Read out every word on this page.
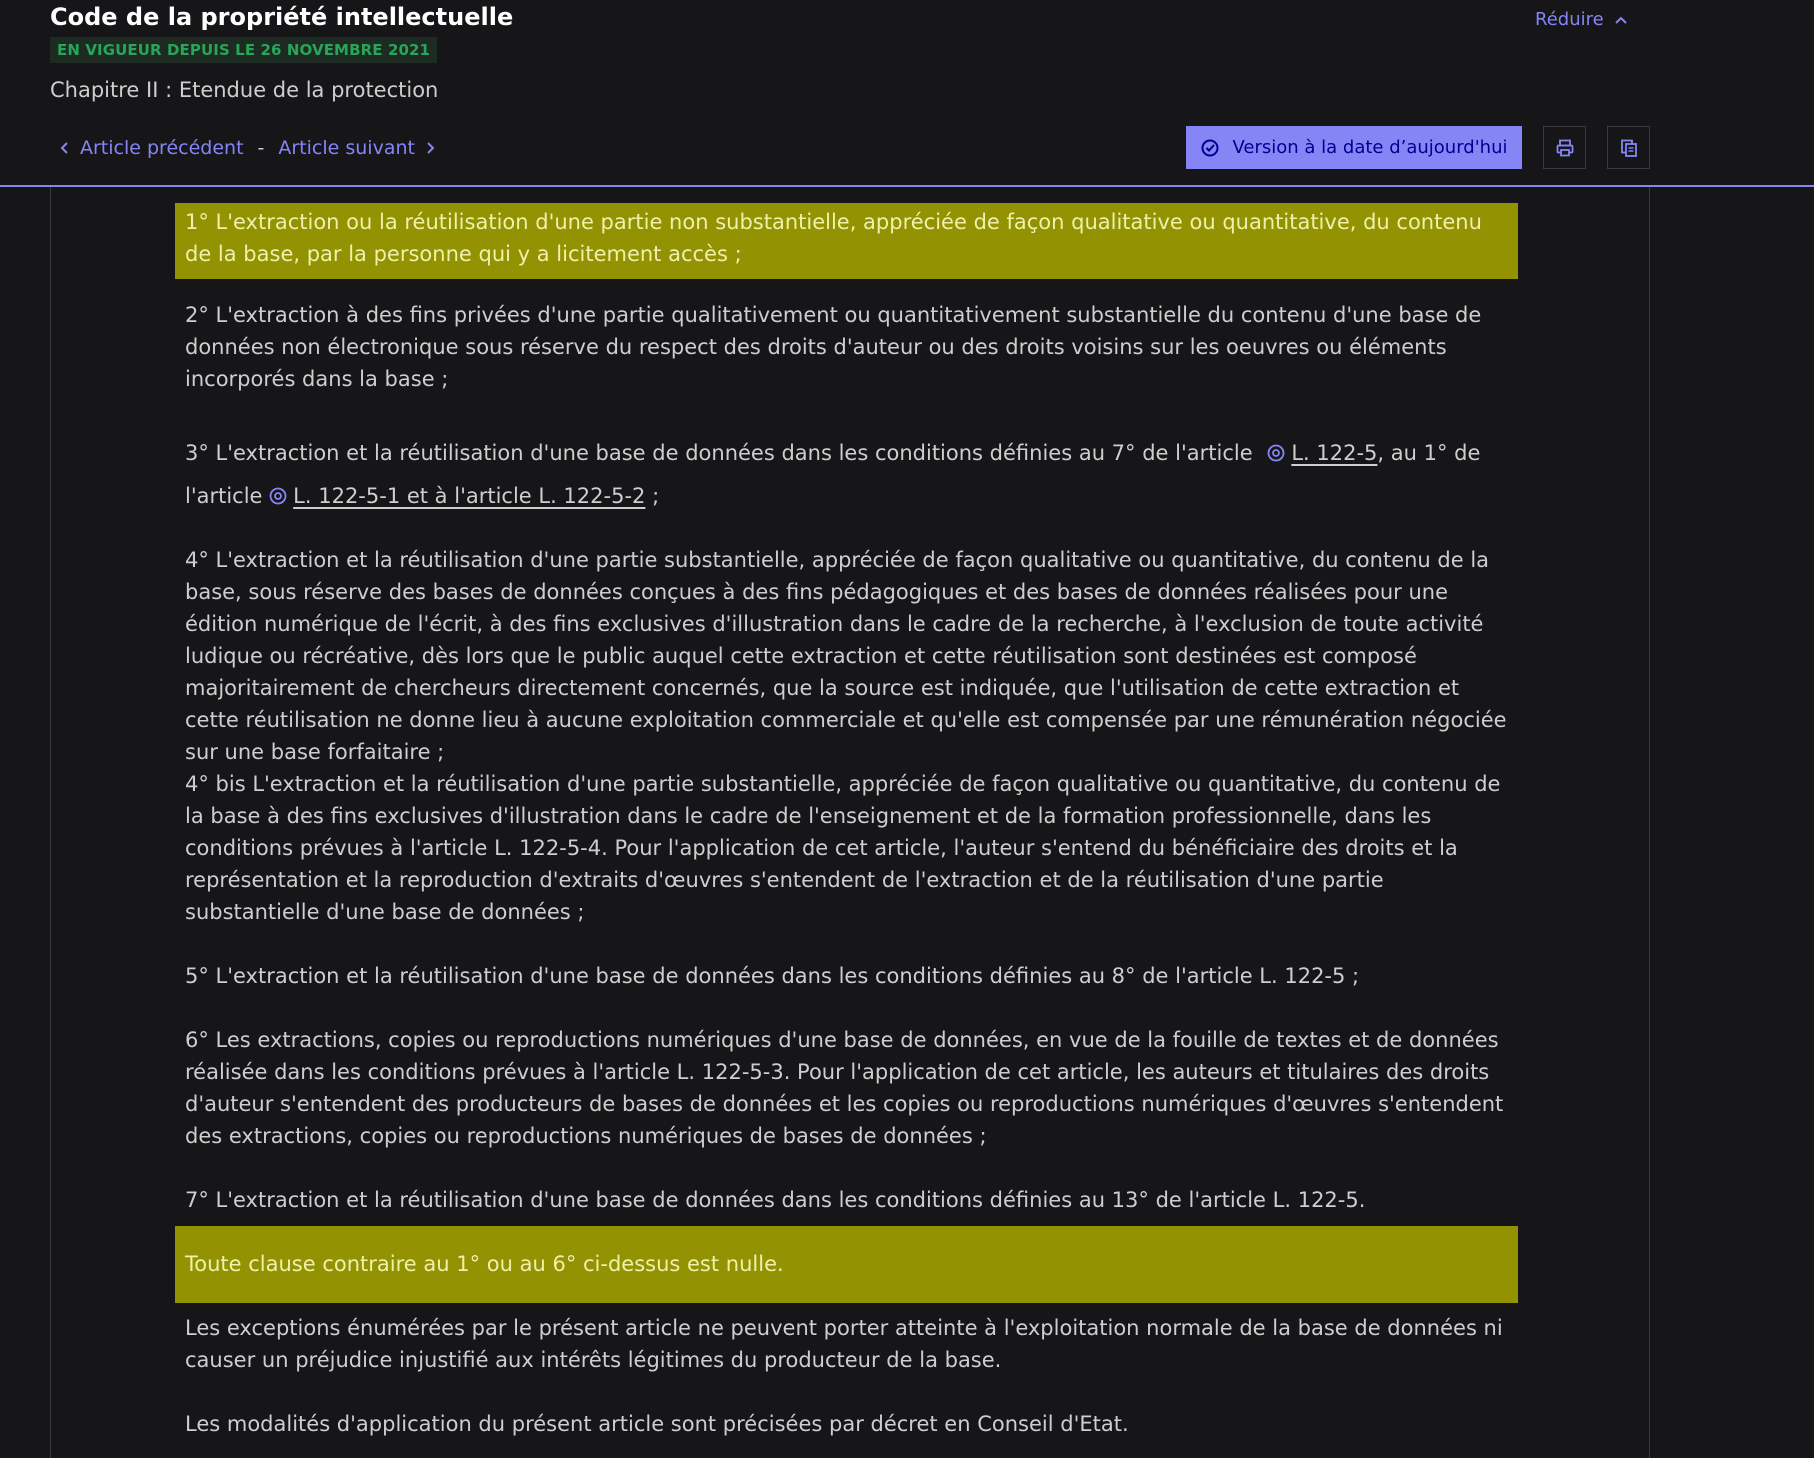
Code de la propriété intellectuelle
EN VIGUEUR DEPUIS LE 26 NOVEMBRE 2021
Chapitre II : Etendue de la protection
Réduire
Article précédent - Article suivant	Version à la date d’aujourd'hui
1° L'extraction ou la réutilisation d'une partie non substantielle, appréciée de façon qualitative ou quantitative, du contenu de la base, par la personne qui y a licitement accès ;
2° L'extraction à des fins privées d'une partie qualitativement ou quantitativement substantielle du contenu d'une base de données non électronique sous réserve du respect des droits d'auteur ou des droits voisins sur les oeuvres ou éléments incorporés dans la base ;
3° L'extraction et la réutilisation d'une base de données dans les conditions définies au 7° de l'article L. 122-5, au 1° de l'article L. 122-5-1 et à l'article L. 122-5-2 ;
4° L'extraction et la réutilisation d'une partie substantielle, appréciée de façon qualitative ou quantitative, du contenu de la base, sous réserve des bases de données conçues à des fins pédagogiques et des bases de données réalisées pour une édition numérique de l'écrit, à des fins exclusives d'illustration dans le cadre de la recherche, à l'exclusion de toute activité ludique ou récréative, dès lors que le public auquel cette extraction et cette réutilisation sont destinées est composé majoritairement de chercheurs directement concernés, que la source est indiquée, que l'utilisation de cette extraction et cette réutilisation ne donne lieu à aucune exploitation commerciale et qu'elle est compensée par une rémunération négociée sur une base forfaitaire ;
4° bis L'extraction et la réutilisation d'une partie substantielle, appréciée de façon qualitative ou quantitative, du contenu de la base à des fins exclusives d'illustration dans le cadre de l'enseignement et de la formation professionnelle, dans les conditions prévues à l'article L. 122-5-4. Pour l'application de cet article, l'auteur s'entend du bénéficiaire des droits et la représentation et la reproduction d'extraits d'œuvres s'entendent de l'extraction et de la réutilisation d'une partie substantielle d'une base de données ;
5° L'extraction et la réutilisation d'une base de données dans les conditions définies au 8° de l'article L. 122-5 ;
6° Les extractions, copies ou reproductions numériques d'une base de données, en vue de la fouille de textes et de données réalisée dans les conditions prévues à l'article L. 122-5-3. Pour l'application de cet article, les auteurs et titulaires des droits d'auteur s'entendent des producteurs de bases de données et les copies ou reproductions numériques d'œuvres s'entendent des extractions, copies ou reproductions numériques de bases de données ;
7° L'extraction et la réutilisation d'une base de données dans les conditions définies au 13° de l'article L. 122-5.
Toute clause contraire au 1° ou au 6° ci-dessus est nulle.
Les exceptions énumérées par le présent article ne peuvent porter atteinte à l'exploitation normale de la base de données ni causer un préjudice injustifié aux intérêts légitimes du producteur de la base.
Les modalités d'application du présent article sont précisées par décret en Conseil d'Etat.
